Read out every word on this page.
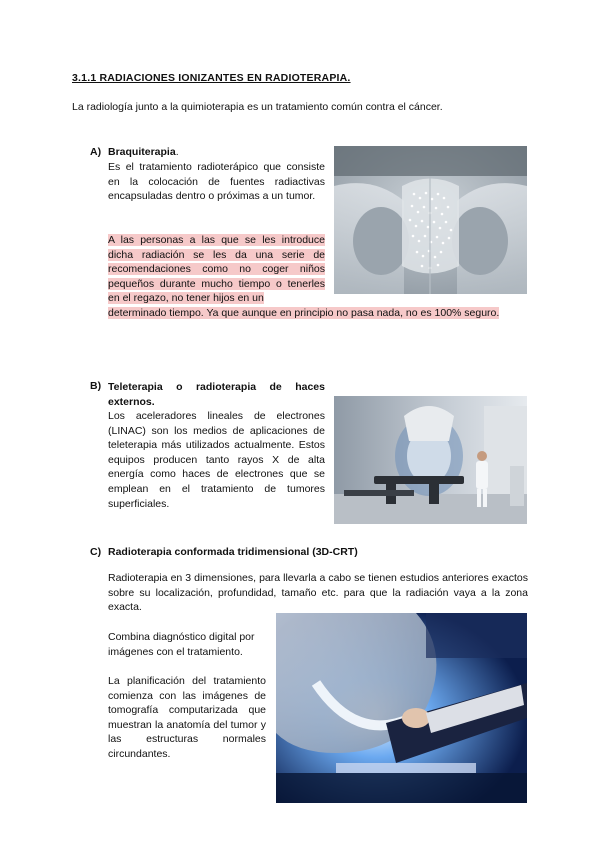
3.1.1 RADIACIONES IONIZANTES EN RADIOTERAPIA.
La radiología junto a la quimioterapia es un tratamiento común contra el cáncer.
A) Braquiterapia.
Es el tratamiento radioterápico que consiste en la colocación de fuentes radiactivas encapsuladas dentro o próximas a un tumor.
A las personas a las que se les introduce dicha radiación se les da una serie de recomendaciones como no coger niños pequeños durante mucho tiempo o tenerles en el regazo, no tener hijos en un
determinado tiempo. Ya que aunque en principio no pasa nada, no es 100% seguro.
B) Teleterapia o radioterapia de haces externos.
Los aceleradores lineales de electrones (LINAC) son los medios de aplicaciones de teleterapia más utilizados actualmente. Estos equipos producen tanto rayos X de alta energía como haces de electrones que se emplean en el tratamiento de tumores superficiales.
C) Radioterapia conformada tridimensional (3D-CRT)
Radioterapia en 3 dimensiones, para llevarla a cabo se tienen estudios anteriores exactos sobre su localización, profundidad, tamaño etc. para que la radiación vaya a la zona exacta.
Combina diagnóstico digital por imágenes con el tratamiento.
La planificación del tratamiento comienza con las imágenes de tomografía computarizada que muestran la anatomía del tumor y las estructuras normales circundantes.
